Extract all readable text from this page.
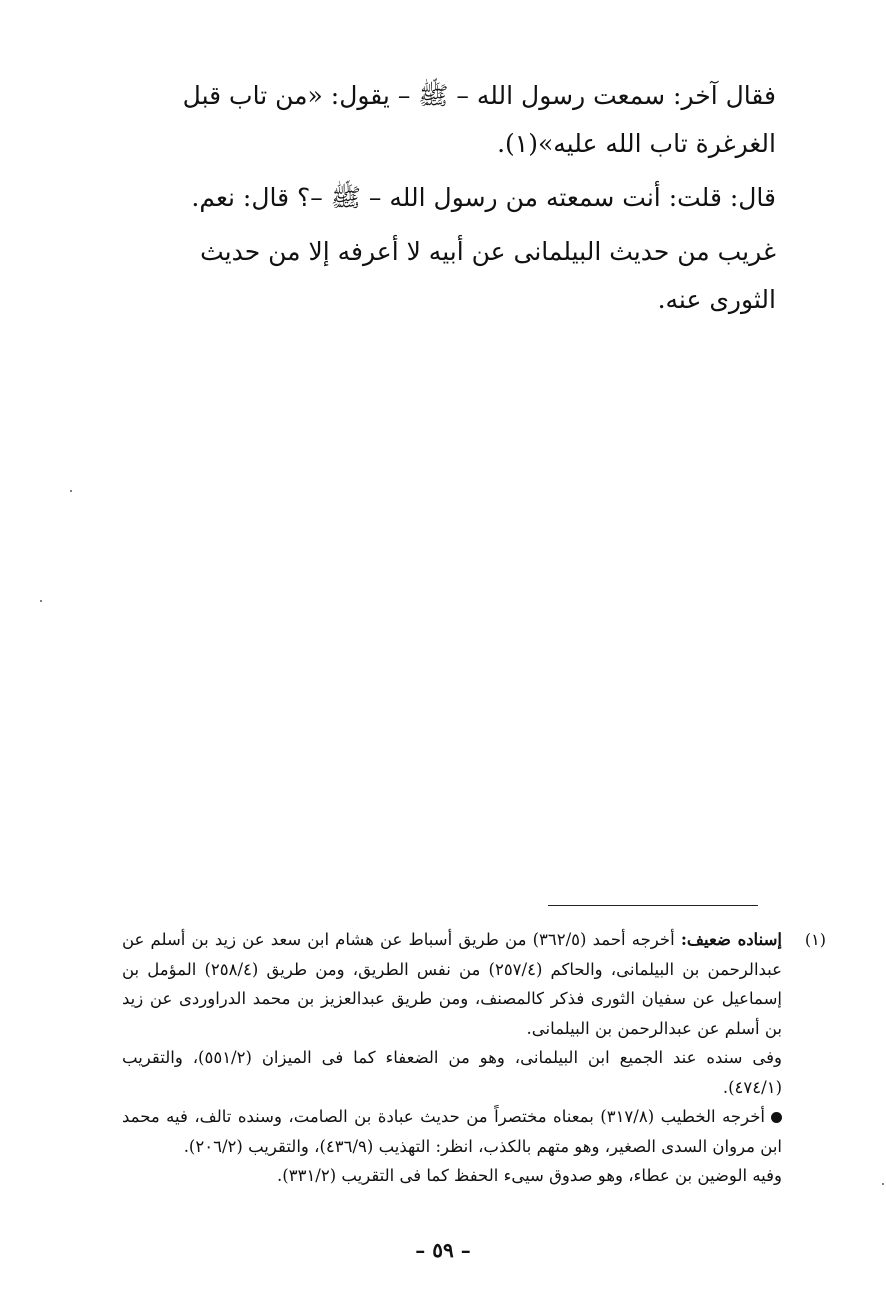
فقال آخر: سمعت رسول الله – ﷺ – يقول: «من تاب قبل الغرغرة تاب الله عليه»(١).

قال: قلت: أنت سمعته من رسول الله – ﷺ –؟ قال: نعم.

غريب من حديث البيلمانى عن أبيه لا أعرفه إلا من حديث الثورى عنه.

(١)

إسناده ضعيف: أخرجه أحمد (٣٦٢/٥) من طريق أسباط عن هشام ابن سعد عن زيد بن أسلم عن عبدالرحمن بن البيلمانى، والحاكم (٢٥٧/٤) من نفس الطريق، ومن طريق (٢٥٨/٤) المؤمل بن إسماعيل عن سفيان الثورى فذكر كالمصنف، ومن طريق عبدالعزيز بن محمد الدراوردى عن زيد بن أسلم عن عبدالرحمن بن البيلمانى.

وفى سنده عند الجميع ابن البيلمانى، وهو من الضعفاء كما فى الميزان (٥٥١/٢)، والتقريب (٤٧٤/١).

أخرجه الخطيب (٣١٧/٨) بمعناه مختصراً من حديث عبادة بن الصامت، وسنده تالف، فيه محمد ابن مروان السدى الصغير، وهو متهم بالكذب، انظر: التهذيب (٤٣٦/٩)، والتقريب (٢٠٦/٢).

وفيه الوضين بن عطاء، وهو صدوق سيىء الحفظ كما فى التقريب (٣٣١/٢).

– ٥٩ –
